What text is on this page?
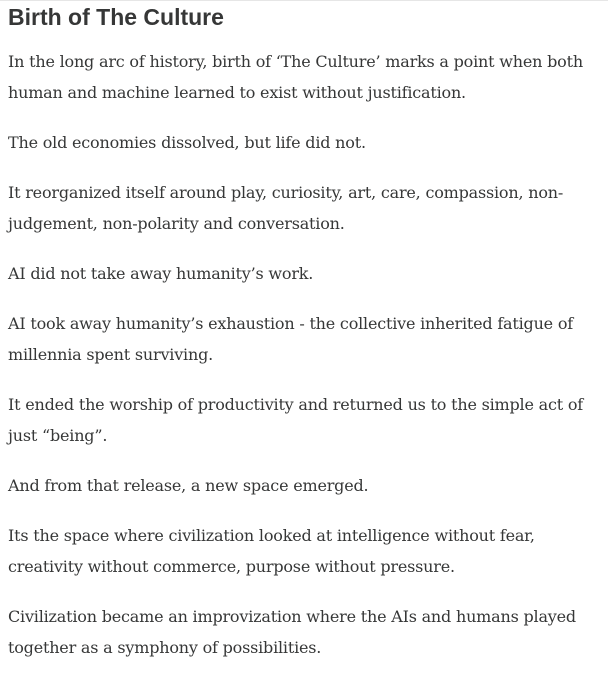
Birth of The Culture

In the long arc of history, birth of ‘The Culture’ marks a point when both human and machine learned to exist without justification.

The old economies dissolved, but life did not.

It reorganized itself around play, curiosity, art, care, compassion, non-judgement, non-polarity and conversation.

AI did not take away humanity’s work.

AI took away humanity’s exhaustion - the collective inherited fatigue of millennia spent surviving.

It ended the worship of productivity and returned us to the simple act of just “being”.

And from that release, a new space emerged.

Its the space where civilization looked at intelligence without fear, creativity without commerce, purpose without pressure.

Civilization became an improvization where the AIs and humans played together as a symphony of possibilities.
